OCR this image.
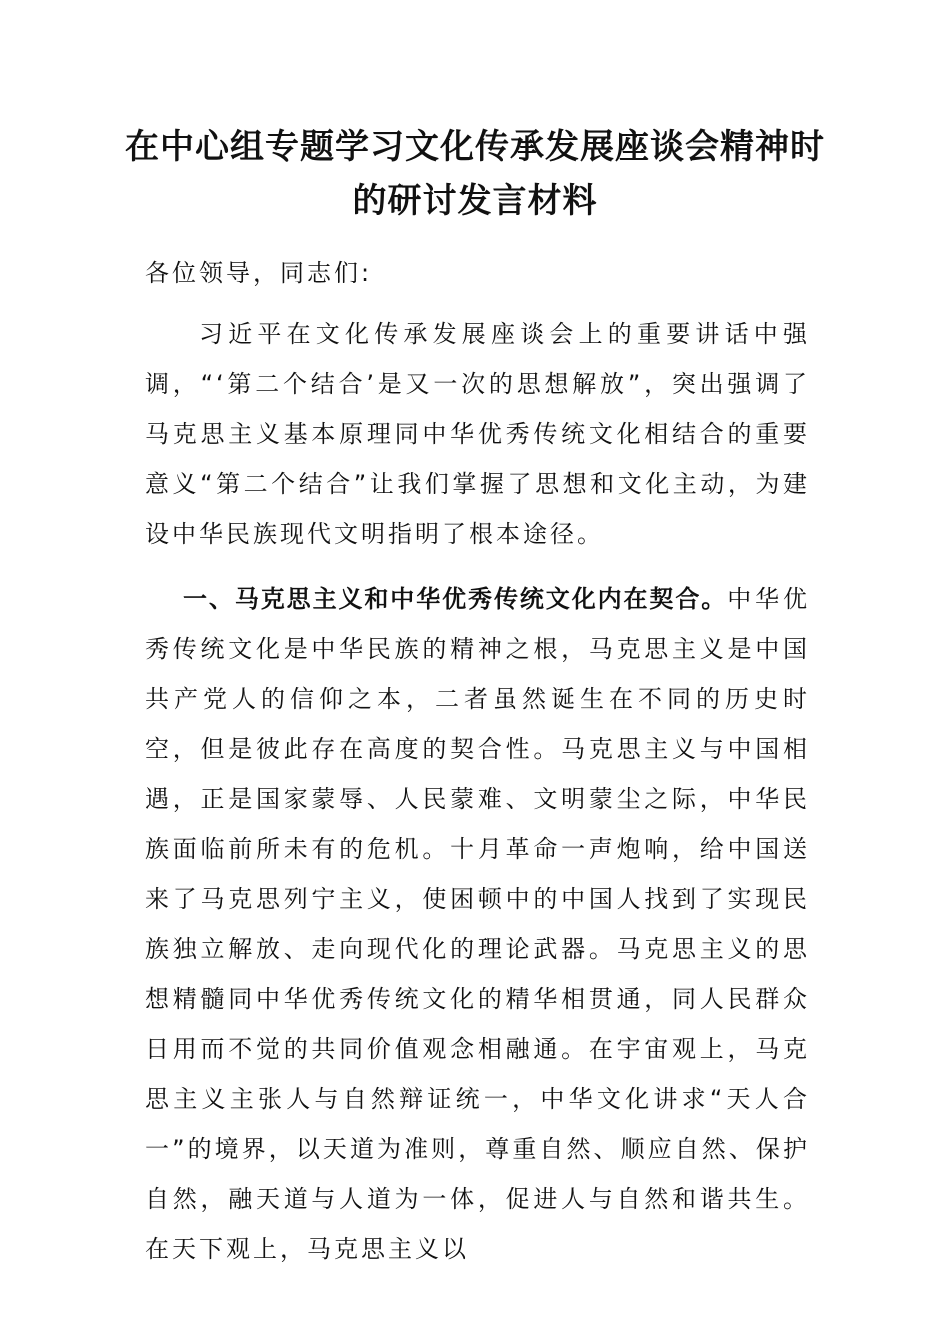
在中心组专题学习文化传承发展座谈会精神时的研讨发言材料
各位领导，同志们:
习近平在文化传承发展座谈会上的重要讲话中强调，“‘第二个结合’是又一次的思想解放”，突出强调了马克思主义基本原理同中华优秀传统文化相结合的重要意义“第二个结合”让我们掌握了思想和文化主动，为建设中华民族现代文明指明了根本途径。
一、马克思主义和中华优秀传统文化内在契合。中华优秀传统文化是中华民族的精神之根，马克思主义是中国共产党人的信仰之本，二者虽然诞生在不同的历史时空，但是彼此存在高度的契合性。马克思主义与中国相遇，正是国家蒙辱、人民蒙难、文明蒙尘之际，中华民族面临前所未有的危机。十月革命一声炮响，给中国送来了马克思列宁主义，使困顿中的中国人找到了实现民族独立解放、走向现代化的理论武器。马克思主义的思想精髓同中华优秀传统文化的精华相贯通，同人民群众日用而不觉的共同价值观念相融通。在宇宙观上，马克思主义主张人与自然辩证统一，中华文化讲求“天人合一”的境界，以天道为准则，尊重自然、顺应自然、保护自然，融天道与人道为一体，促进人与自然和谐共生。在天下观上，马克思主义以
